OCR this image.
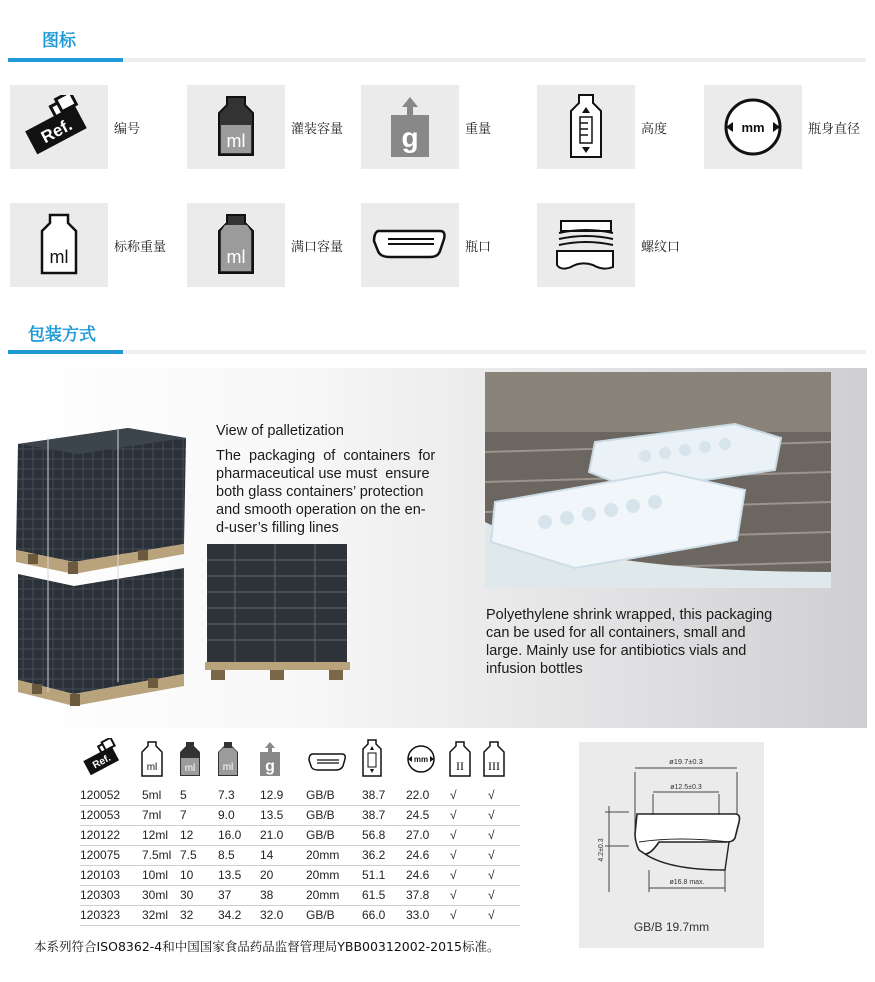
图标
Ref.	编号
ml
灌装容量 g	重量	高度	mm	瓶身直径
ml	标称重量	ml	满口容量	瓶口	螺纹口
包装方式
View of palletization
The  packaging  of  containers  for
pharmaceutical use must  ensure
both glass containers’ protection
and smooth operation on the en-
d-user’s filling lines
Polyethylene shrink wrapped, this packaging
can be used for all containers, small and
large. Mainly use for antibiotics vials and
infusion bottles
Ref.	ml	ml	ml g	mm II III
120052	5ml	5	7.3	12.9	GB/B	38.7	22.0	√	√
120053	7ml	7	9.0	13.5	GB/B	38.7	24.5	√	√
120122	12ml	12	16.0	21.0	GB/B	56.8	27.0	√	√
120075	7.5ml	7.5	8.5	14	20mm	36.2	24.6	√	√
120103	10ml	10	13.5	20	20mm	51.1	24.6	√	√
120303	30ml	30	37	38	20mm	61.5	37.8	√	√
120323	32ml	32	34.2	32.0	GB/B	66.0	33.0	√	√
ø19.7±0.3
ø12.5±0.3
4.2±0.3
ø16.8 max.
GB/B 19.7mm
本系列符合ISO8362-4和中国国家食品药品监督管理局YBB00312002-2015标准。
